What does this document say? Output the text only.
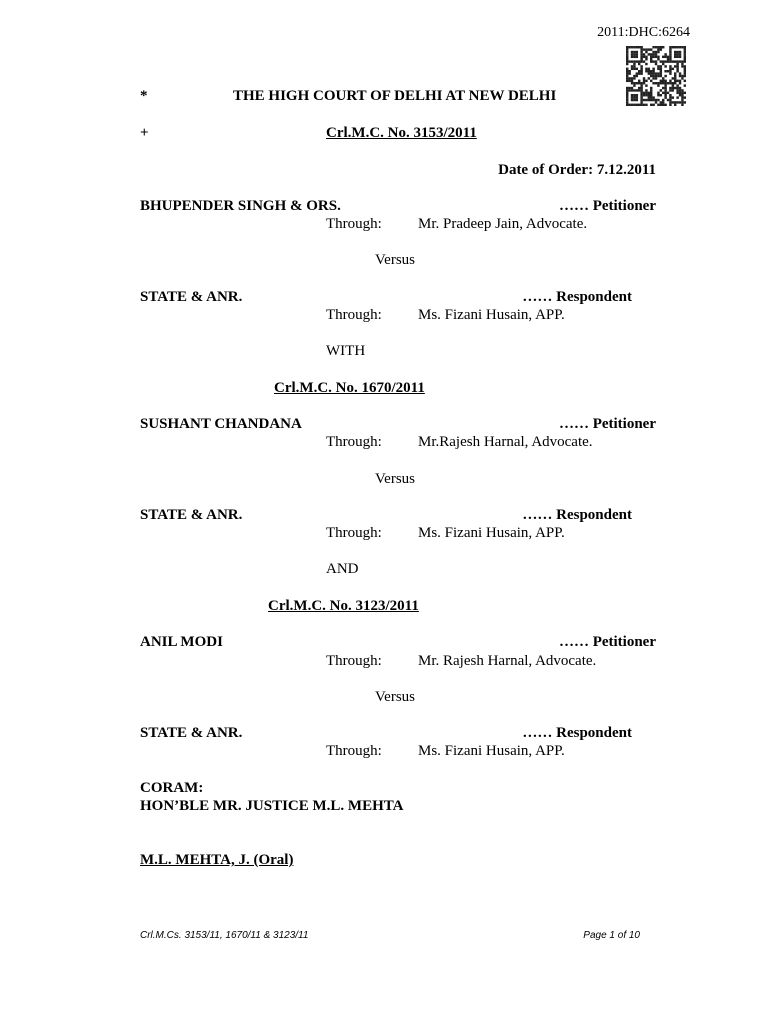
2011:DHC:6264
*	THE HIGH COURT OF DELHI AT NEW DELHI
+	Crl.M.C. No. 3153/2011
Date of Order: 7.12.2011
BHUPENDER SINGH & ORS.	…… Petitioner
Through: Mr. Pradeep Jain, Advocate.
Versus
STATE & ANR.	…… Respondent
Through: Ms. Fizani Husain, APP.
WITH
Crl.M.C. No. 1670/2011
SUSHANT CHANDANA	…… Petitioner
Through: Mr.Rajesh Harnal, Advocate.
Versus
STATE & ANR.	…… Respondent
Through: Ms. Fizani Husain, APP.
AND
Crl.M.C. No. 3123/2011
ANIL MODI	…… Petitioner
Through: Mr. Rajesh Harnal, Advocate.
Versus
STATE & ANR.	…… Respondent
Through: Ms. Fizani Husain, APP.
CORAM:
HON’BLE MR. JUSTICE M.L. MEHTA
M.L. MEHTA, J. (Oral)
Crl.M.Cs. 3153/11, 1670/11 & 3123/11	Page 1 of 10
